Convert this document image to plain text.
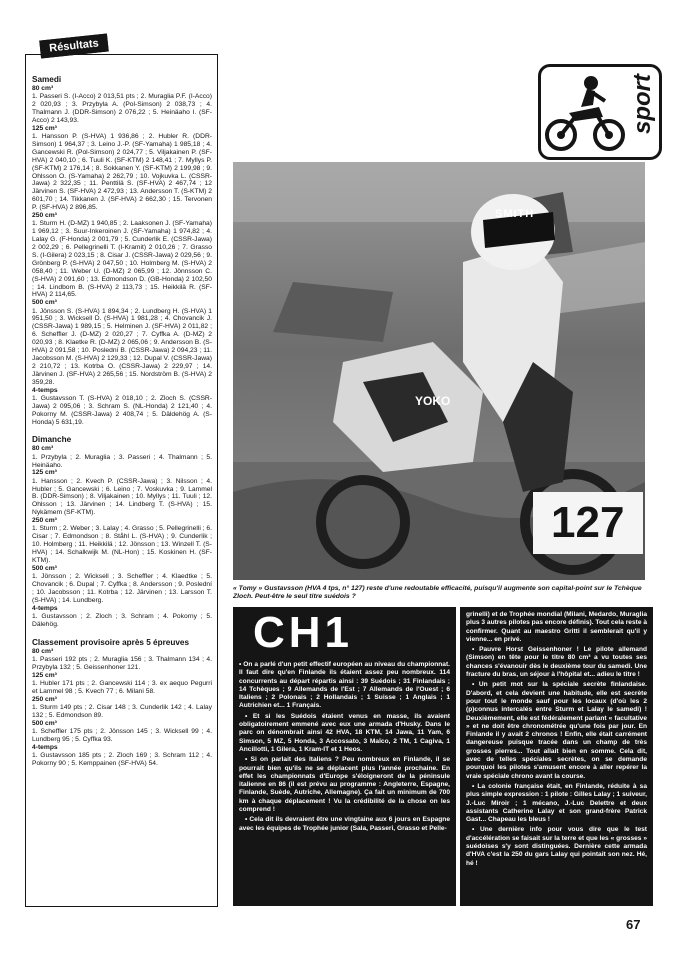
Résultats
Samedi
80 cm³
1. Passeri S. (I-Acco) 2 013,51 pts ; 2. Muraglia P.F. (I-Acco) 2 020,93 ; 3. Przybyla A. (Pol-Simson) 2 038,73 ; 4. Thalmann J. (DDR-Simson) 2 076,22 ; 5. Heinäaho I. (SF-Acco) 2 143,93.
125 cm³
1. Hansson P. (S-HVA) 1 936,86 ; 2. Hubler R. (DDR-Simson) 1 964,37 ; 3. Leino J.-P. (SF-Yamaha) 1 985,18 ; 4. Gancewski R. (Pol-Simson) 2 024,77 ; 5. Viljakainen P. (SF-HVA) 2 040,10 ; 6. Tuuli K. (SF-KTM) 2 148,41 ; 7. Myllys P. (SF-KTM) 2 176,14 ; 8. Sokkanen Y. (SF-KTM) 2 199,98 ; 9. Ohlsson O. (S-Yamaha) 2 262,79 ; 10. Vojkuvka L. (CSSR-Jawa) 2 322,35 ; 11. Penttilä S. (SF-HVA) 2 467,74 ; 12 Järvinen S. (SF-HVA) 2 472,93 ; 13. Andersson T. (S-KTM) 2 601,70 ; 14. Tikkanen J. (SF-HVA) 2 662,30 ; 15. Tervonen P. (SF-HVA) 2 896,85.
250 cm³
1. Sturm H. (D-MZ) 1 940,85 ; 2. Laaksonen J. (SF-Yamaha) 1 969,12 ; 3. Suur-Inkeroinen J. (SF-Yamaha) 1 974,82 ; 4. Lalay G. (F-Honda) 2 001,79 ; 5. Cunderlik E. (CSSR-Jawa) 2 002,29 ; 6. Pellegrinelli T. (I-Kramit) 2 010,26 ; 7. Grasso S. (I-Gilera) 2 023,15 ; 8. Cisar J. (CSSR-Jawa) 2 029,56 ; 9. Grönberg P. (S-HVA) 2 047,50 ; 10. Holmberg M. (S-HVA) 2 058,40 ; 11. Weber U. (D-MZ) 2 065,99 ; 12. Jönnsson C. (S-HVA) 2 091,60 ; 13. Edmondson D. (GB-Honda) 2 102,50 ; 14. Lindbom B. (S-HVA) 2 113,73 ; 15. Heikkilä R. (SF-HVA) 2 114,65.
500 cm³
1. Jönsson S. (S-HVA) 1 894,34 ; 2. Lundberg H. (S-HVA) 1 951,50 ; 3. Wicksell D. (S-HVA) 1 981,28 ; 4. Chovancik J. (CSSR-Jawa) 1 989,15 ; 5. Helminen J. (SF-HVA) 2 011,82 ; 6. Scheffler J. (D-MZ) 2 020,27 ; 7. Cyffka A. (D-MZ) 2 020,93 ; 8. Klaetke R. (D-MZ) 2 065,06 ; 9. Andersson B. (S-HVA) 2 091,58 ; 10. Poslední B. (CSSR-Jawa) 2 094,23 ; 11. Jacobsson M. (S-HVA) 2 129,33 ; 12. Dupal V. (CSSR-Jawa) 2 210,72 ; 13. Kotrba O. (CSSR-Jawa) 2 229,97 ; 14. Järvinen J. (SF-HVA) 2 265,56 ; 15. Nordström B. (S-HVA) 2 359,28.
4-temps
1. Gustavsson T. (S-HVA) 2 018,10 ; 2. Zloch S. (CSSR-Jawa) 2 095,06 ; 3. Schram S. (NL-Honda) 2 121,40 ; 4. Pokorny M. (CSSR-Jawa) 2 408,74 ; 5. Däldehög A. (S-Honda) 5 631,19.
Dimanche
80 cm³
1. Przybyla ; 2. Muraglia ; 3. Passeri ; 4. Thalmann ; 5. Heinäaho.
125 cm³
1. Hansson ; 2. Kvech P. (CSSR-Jawa) ; 3. Nilsson ; 4. Hubler ; 5. Gancewski ; 6. Leino ; 7. Voskuvka ; 9. Lammel B. (DDR-Simson) ; 8. Viljakainen ; 10. Myllys ; 11. Tuuli ; 12. Ohlsson ; 13. Järvinen ; 14. Lindberg T. (S-HVA) ; 15. Nykämem (SF-KTM).
250 cm³
1. Sturm ; 2. Weber ; 3. Lalay ; 4. Grasso ; 5. Pellegrinelli ; 6. Cisar ; 7. Edmondson ; 8. Ståhl L. (S-HVA) ; 9. Cunderlik ; 10. Holmberg ; 11. Heikkilä ; 12. Jönsson ; 13. Winzell T. (S-HVA) ; 14. Schalkwijk M. (NL-Hon) ; 15. Koskinen H. (SF-KTM).
500 cm³
1. Jönsson ; 2. Wicksell ; 3. Scheffler ; 4. Klaedtke ; 5. Chovancik ; 6. Dupal ; 7. Cyffka ; 8. Andersson ; 9. Poslední ; 10. Jacobsson ; 11. Kotrba ; 12. Järvinen ; 13. Larsson T. (S-HVA) ; 14. Lundberg.
4-temps
1. Gustavsson ; 2. Zloch ; 3. Schram ; 4. Pokorny ; 5. Dälehög.
Classement provisoire après 5 épreuves
80 cm³
1. Passeri 192 pts ; 2. Muraglia 156 ; 3. Thalmann 134 ; 4. Przybyla 132 ; 5. Geissenhoner 121.
125 cm³
1. Hubler 171 pts ; 2. Gancewski 114 ; 3. ex aequo Pegurri et Lammel 98 ; 5. Kvech 77 ; 6. Milani 58.
250 cm³
1. Sturm 149 pts ; 2. Cisar 148 ; 3. Cunderlik 142 ; 4. Lalay 132 ; 5. Edmondson 89.
500 cm³
1. Scheffler 175 pts ; 2. Jönsson 145 ; 3. Wicksell 99 ; 4. Lundberg 95 ; 5. Cyffka 93.
4-temps
1. Gustavsson 185 pts ; 2. Zloch 169 ; 3. Schram 112 ; 4. Pokorny 90 ; 5. Kemppainen (SF-HVA) 54.
sport
SMITH
YOKO
127
« Tomy » Gustavsson (HVA 4 tps, n° 127) reste d'une redoutable efficacité, puisqu'il augmente son capital-point sur le Tchèque Zloch. Peut-être le seul titre suédois ?
CH1

• On a parlé d'un petit effectif européen au niveau du championnat. Il faut dire qu'en Finlande ils étaient assez peu nombreux. 114 concurrents au départ répartis ainsi : 39 Suédois ; 31 Finlandais ; 14 Tchèques ; 9 Allemands de l'Est ; 7 Allemands de l'Ouest ; 6 Italiens ; 2 Polonais ; 2 Hollandais ; 1 Suisse ; 1 Anglais ; 1 Autrichien et... 1 Français.

• Et si les Suédois étaient venus en masse, ils avaient obligatoirement emmené avec eux une armada d'Husky. Dans le parc on dénombrait ainsi 42 HVA, 18 KTM, 14 Jawa, 11 Yam, 6 Simson, 5 MZ, 5 Honda, 3 Accossato, 3 Maïco, 2 TM, 1 Cagiva, 1 Ancillotti, 1 Gilera, 1 Kram-IT et 1 Heos.

• Si on parlait des Italiens ? Peu nombreux en Finlande, il se pourrait bien qu'ils ne se déplacent plus l'année prochaine. En effet les championnats d'Europe s'éloigneront de la péninsule italienne en 86 (il est prévu au programme : Angleterre, Espagne, Finlande, Suède, Autriche, Allemagne). Ça fait un minimum de 700 km à chaque déplacement ! Vu la crédibilité de la chose on les comprend !

• Cela dit ils devraient être une vingtaine aux 6 jours en Espagne avec les équipes de Trophée junior (Sala, Passeri, Grasso et Pelle-

grinelli) et de Trophée mondial (Milani, Medardo, Muraglia plus 3 autres pilotes pas encore définis). Tout cela reste à confirmer. Quant au maestro Gritti il semblerait qu'il y vienne... en privé.

• Pauvre Horst Geissenhoner ! Le pilote allemand (Simson) en tête pour le titre 80 cm³ a vu toutes ses chances s'évanouir dès le deuxième tour du samedi. Une fracture du bras, un séjour à l'hôpital et... adieu le titre !

• Un petit mot sur la spéciale secrète finlandaise. D'abord, et cela devient une habitude, elle est secrète pour tout le monde sauf pour les locaux (d'où les 2 (p)connus intercalés entre Sturm et Lalay le samedi) ! Deuxièmement, elle est fédéralement parlant « facultative » et ne doit être chronométrée qu'une fois par jour. En Finlande il y avait 2 chronos ! Enfin, elle était carrément dangereuse puisque tracée dans un champ de très grosses pierres... Tout allait bien en somme. Cela dit, avec de telles spéciales secrètes, on se demande pourquoi les pilotes s'amusent encore à aller repérer la vraie spéciale chrono avant la course.

• La colonie française était, en Finlande, réduite à sa plus simple expression : 1 pilote : Gilles Lalay ; 1 suiveur, J.-Luc Miroir ; 1 mécano, J.-Luc Delettre et deux assistants Catherine Lalay et son grand-frère Patrick Gast... Chapeau les bleus !

• Une dernière info pour vous dire que le test d'accélération se faisait sur la terre et que les « grosses » suédoises s'y sont distinguées. Dernière cette armada d'HVA c'est la 250 du gars Lalay qui pointait son nez. Hé, hé !

67
